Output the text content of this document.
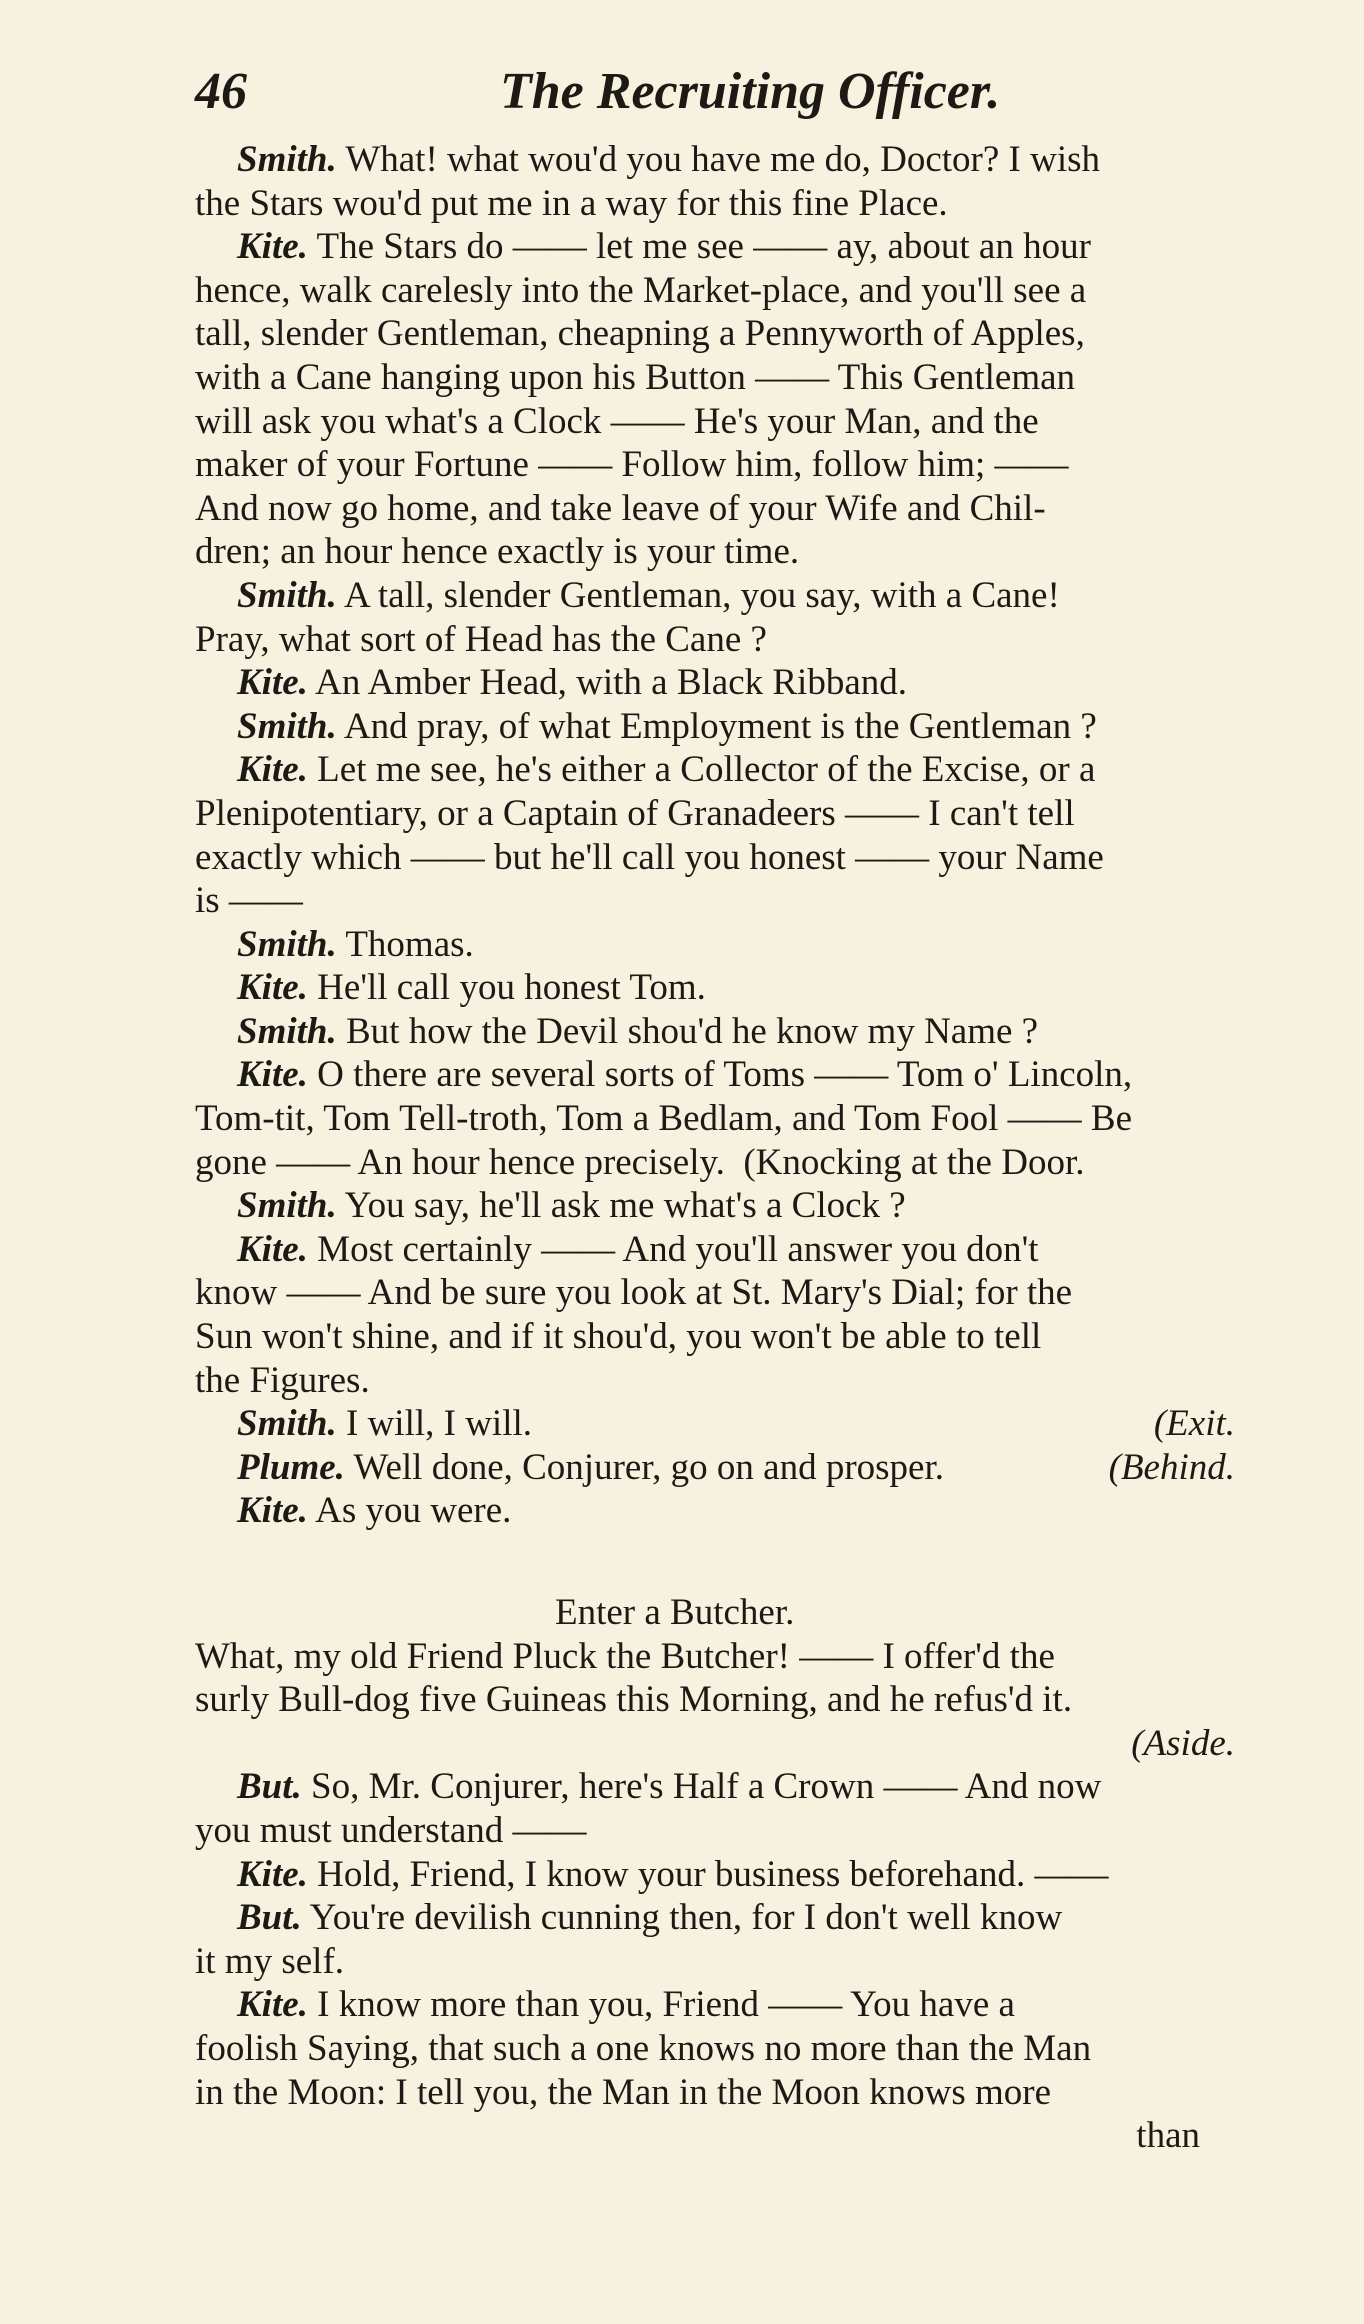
46	The Recruiting Officer.
Smith. What! what wou'd you have me do, Doctor? I wish
the Stars wou'd put me in a way for this fine Place.
Kite. The Stars do —— let me see —— ay, about an hour
hence, walk carelesly into the Market-place, and you'll see a
tall, slender Gentleman, cheapning a Pennyworth of Apples,
with a Cane hanging upon his Button —— This Gentleman
will ask you what's a Clock —— He's your Man, and the
maker of your Fortune —— Follow him, follow him; ——
And now go home, and take leave of your Wife and Chil-
dren; an hour hence exactly is your time.
Smith. A tall, slender Gentleman, you say, with a Cane!
Pray, what sort of Head has the Cane ?
Kite. An Amber Head, with a Black Ribband.
Smith. And pray, of what Employment is the Gentleman ?
Kite. Let me see, he's either a Collector of the Excise, or a
Plenipotentiary, or a Captain of Granadeers —— I can't tell
exactly which —— but he'll call you honest —— your Name
is ——
Smith. Thomas.
Kite. He'll call you honest Tom.
Smith. But how the Devil shou'd he know my Name ?
Kite. O there are several sorts of Toms —— Tom o' Lincoln,
Tom-tit, Tom Tell-troth, Tom a Bedlam, and Tom Fool —— Be
gone —— An hour hence precisely.  (Knocking at the Door.
Smith. You say, he'll ask me what's a Clock ?
Kite. Most certainly —— And you'll answer you don't
know —— And be sure you look at St. Mary's Dial; for the
Sun won't shine, and if it shou'd, you won't be able to tell
the Figures.
Smith. I will, I will.	(Exit.
Plume. Well done, Conjurer, go on and prosper.	(Behind.
Kite. As you were.
Enter a Butcher.
What, my old Friend Pluck the Butcher! —— I offer'd the
surly Bull-dog five Guineas this Morning, and he refus'd it.
(Aside.
But. So, Mr. Conjurer, here's Half a Crown —— And now
you must understand ——
Kite. Hold, Friend, I know your business beforehand. ——
But. You're devilish cunning then, for I don't well know
it my self.
Kite. I know more than you, Friend —— You have a
foolish Saying, that such a one knows no more than the Man
in the Moon: I tell you, the Man in the Moon knows more
than
